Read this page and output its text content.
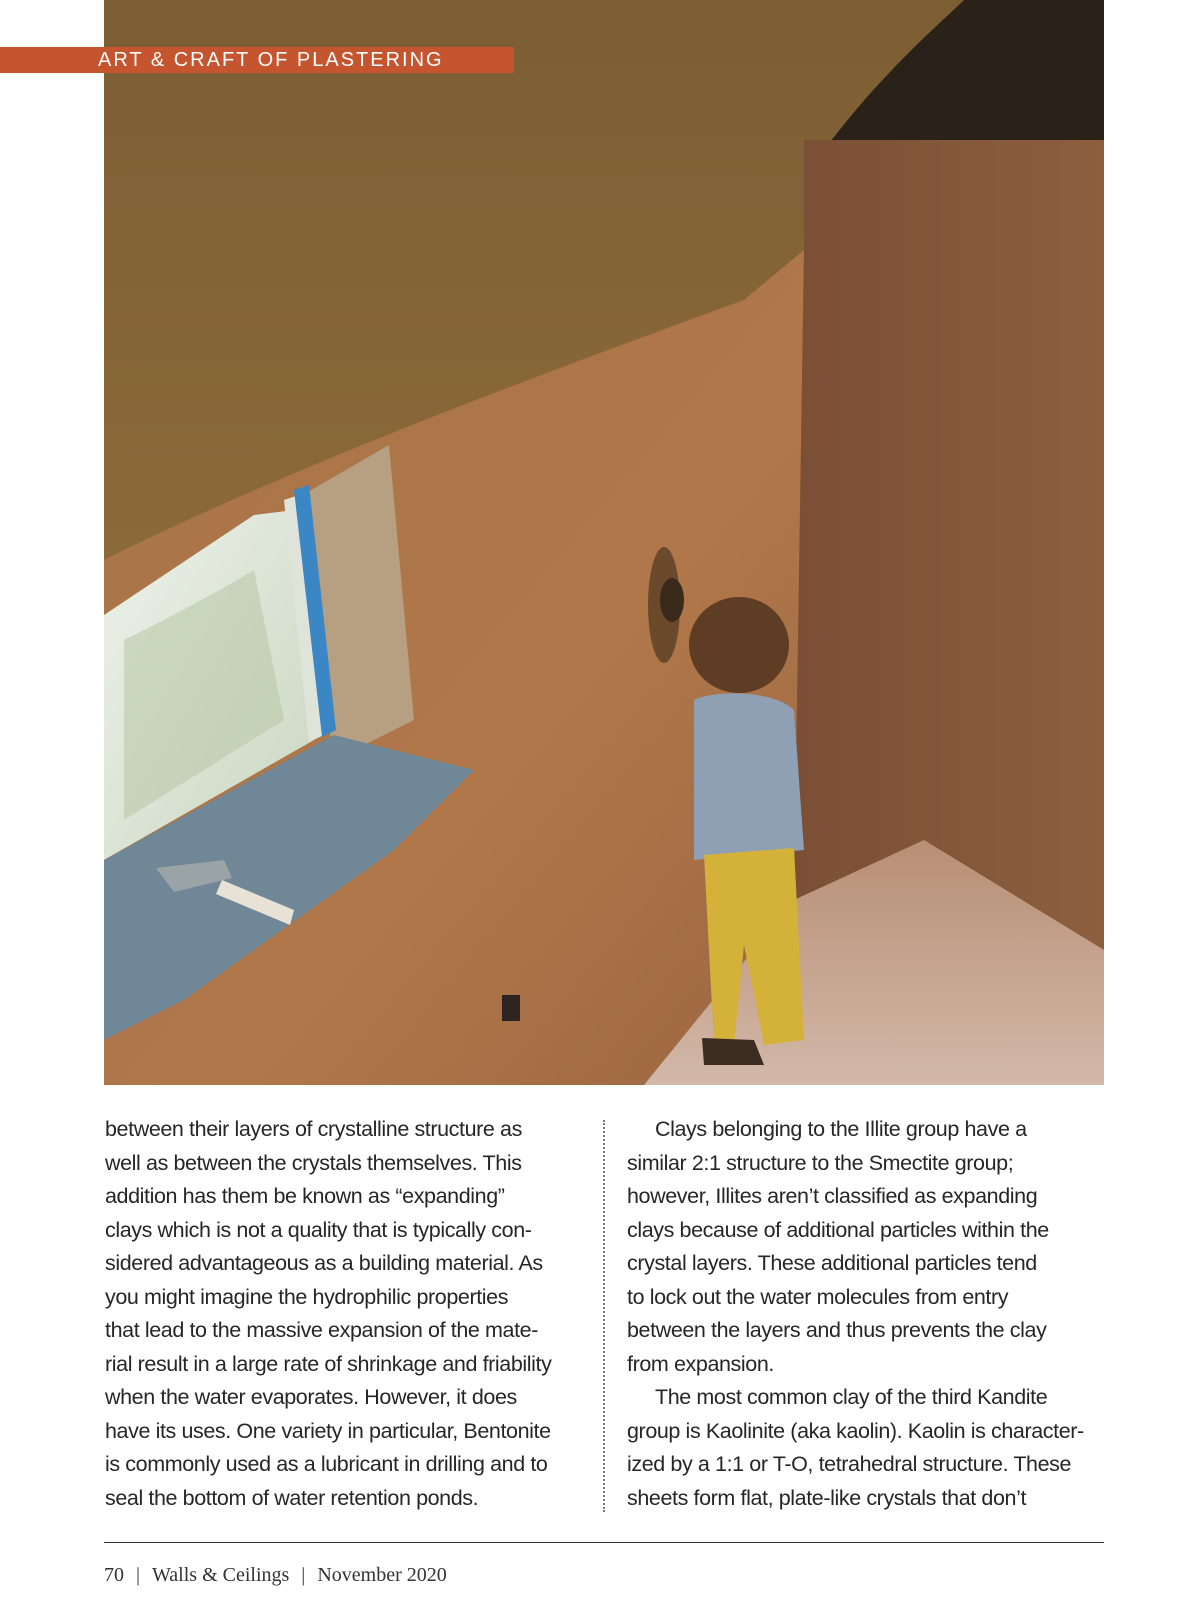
ART & CRAFT OF PLASTERING

between their layers of crystalline structure as

well as between the crystals themselves. This

addition has them be known as “expanding”

clays which is not a quality that is typically con-

sidered advantageous as a building material. As

you might imagine the hydrophilic properties

that lead to the massive expansion of the mate-

rial result in a large rate of shrinkage and friability

when the water evaporates. However, it does

have its uses. One variety in particular, Bentonite

is commonly used as a lubricant in drilling and to

seal the bottom of water retention ponds.

Clays belonging to the Illite group have a

similar 2:1 structure to the Smectite group;

however, Illites aren’t classified as expanding

clays because of additional particles within the

crystal layers. These additional particles tend

to lock out the water molecules from entry

between the layers and thus prevents the clay

from expansion.

The most common clay of the third Kandite

group is Kaolinite (aka kaolin). Kaolin is character-

ized by a 1:1 or T-O, tetrahedral structure. These

sheets form flat, plate-like crystals that don’t

70 | Walls & Ceilings | November 2020
